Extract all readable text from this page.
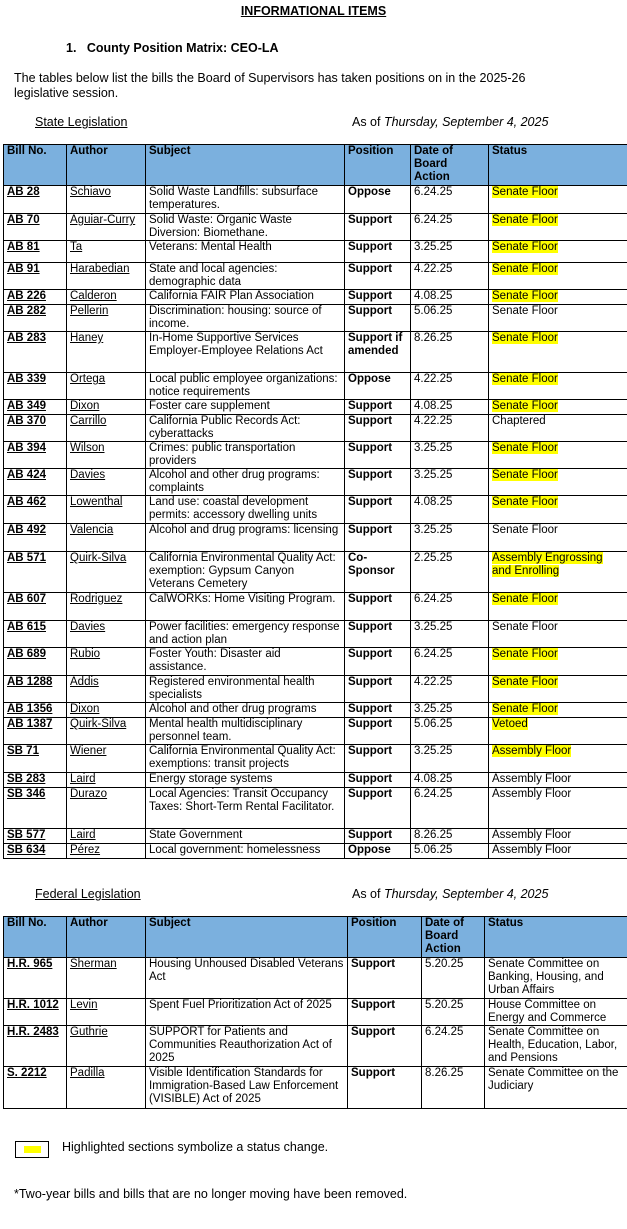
INFORMATIONAL ITEMS
1. County Position Matrix: CEO-LA
The tables below list the bills the Board of Supervisors has taken positions on in the 2025-26 legislative session.
State Legislation	As of Thursday, September 4, 2025
Bill No.	Author	Subject	Position	Date of Board Action	Status
AB 28	Schiavo	Solid Waste Landfills: subsurface temperatures.	Oppose	6.24.25	Senate Floor
AB 70	Aguiar-Curry	Solid Waste: Organic Waste Diversion: Biomethane.	Support	6.24.25	Senate Floor
AB 81	Ta	Veterans: Mental Health	Support	3.25.25	Senate Floor
AB 91	Harabedian	State and local agencies: demographic data	Support	4.22.25	Senate Floor
AB 226	Calderon	California FAIR Plan Association	Support	4.08.25	Senate Floor
AB 282	Pellerin	Discrimination: housing: source of income.	Support	5.06.25	Senate Floor
AB 283	Haney	In-Home Supportive Services Employer-Employee Relations Act	Support if amended	8.26.25	Senate Floor
AB 339	Ortega	Local public employee organizations: notice requirements	Oppose	4.22.25	Senate Floor
AB 349	Dixon	Foster care supplement	Support	4.08.25	Senate Floor
AB 370	Carrillo	California Public Records Act: cyberattacks	Support	4.22.25	Chaptered
AB 394	Wilson	Crimes: public transportation providers	Support	3.25.25	Senate Floor
AB 424	Davies	Alcohol and other drug programs: complaints	Support	3.25.25	Senate Floor
AB 462	Lowenthal	Land use: coastal development permits: accessory dwelling units	Support	4.08.25	Senate Floor
AB 492	Valencia	Alcohol and drug programs: licensing	Support	3.25.25	Senate Floor
AB 571	Quirk-Silva	California Environmental Quality Act: exemption: Gypsum Canyon Veterans Cemetery	Co-Sponsor	2.25.25	Assembly Engrossing and Enrolling
AB 607	Rodriguez	CalWORKs: Home Visiting Program.	Support	6.24.25	Senate Floor
AB 615	Davies	Power facilities: emergency response and action plan	Support	3.25.25	Senate Floor
AB 689	Rubio	Foster Youth: Disaster aid assistance.	Support	6.24.25	Senate Floor
AB 1288	Addis	Registered environmental health specialists	Support	4.22.25	Senate Floor
AB 1356	Dixon	Alcohol and other drug programs	Support	3.25.25	Senate Floor
AB 1387	Quirk-Silva	Mental health multidisciplinary personnel team.	Support	5.06.25	Vetoed
SB 71	Wiener	California Environmental Quality Act: exemptions: transit projects	Support	3.25.25	Assembly Floor
SB 283	Laird	Energy storage systems	Support	4.08.25	Assembly Floor
SB 346	Durazo	Local Agencies: Transit Occupancy Taxes: Short-Term Rental Facilitator.	Support	6.24.25	Assembly Floor
SB 577	Laird	State Government	Support	8.26.25	Assembly Floor
SB 634	Pérez	Local government: homelessness	Oppose	5.06.25	Assembly Floor
Federal Legislation	As of Thursday, September 4, 2025
Bill No.	Author	Subject	Position	Date of Board Action	Status
H.R. 965	Sherman	Housing Unhoused Disabled Veterans Act	Support	5.20.25	Senate Committee on Banking, Housing, and Urban Affairs
H.R. 1012	Levin	Spent Fuel Prioritization Act of 2025	Support	5.20.25	House Committee on Energy and Commerce
H.R. 2483	Guthrie	SUPPORT for Patients and Communities Reauthorization Act of 2025	Support	6.24.25	Senate Committee on Health, Education, Labor, and Pensions
S. 2212	Padilla	Visible Identification Standards for Immigration-Based Law Enforcement (VISIBLE) Act of 2025	Support	8.26.25	Senate Committee on the Judiciary
Highlighted sections symbolize a status change.
*Two-year bills and bills that are no longer moving have been removed.
